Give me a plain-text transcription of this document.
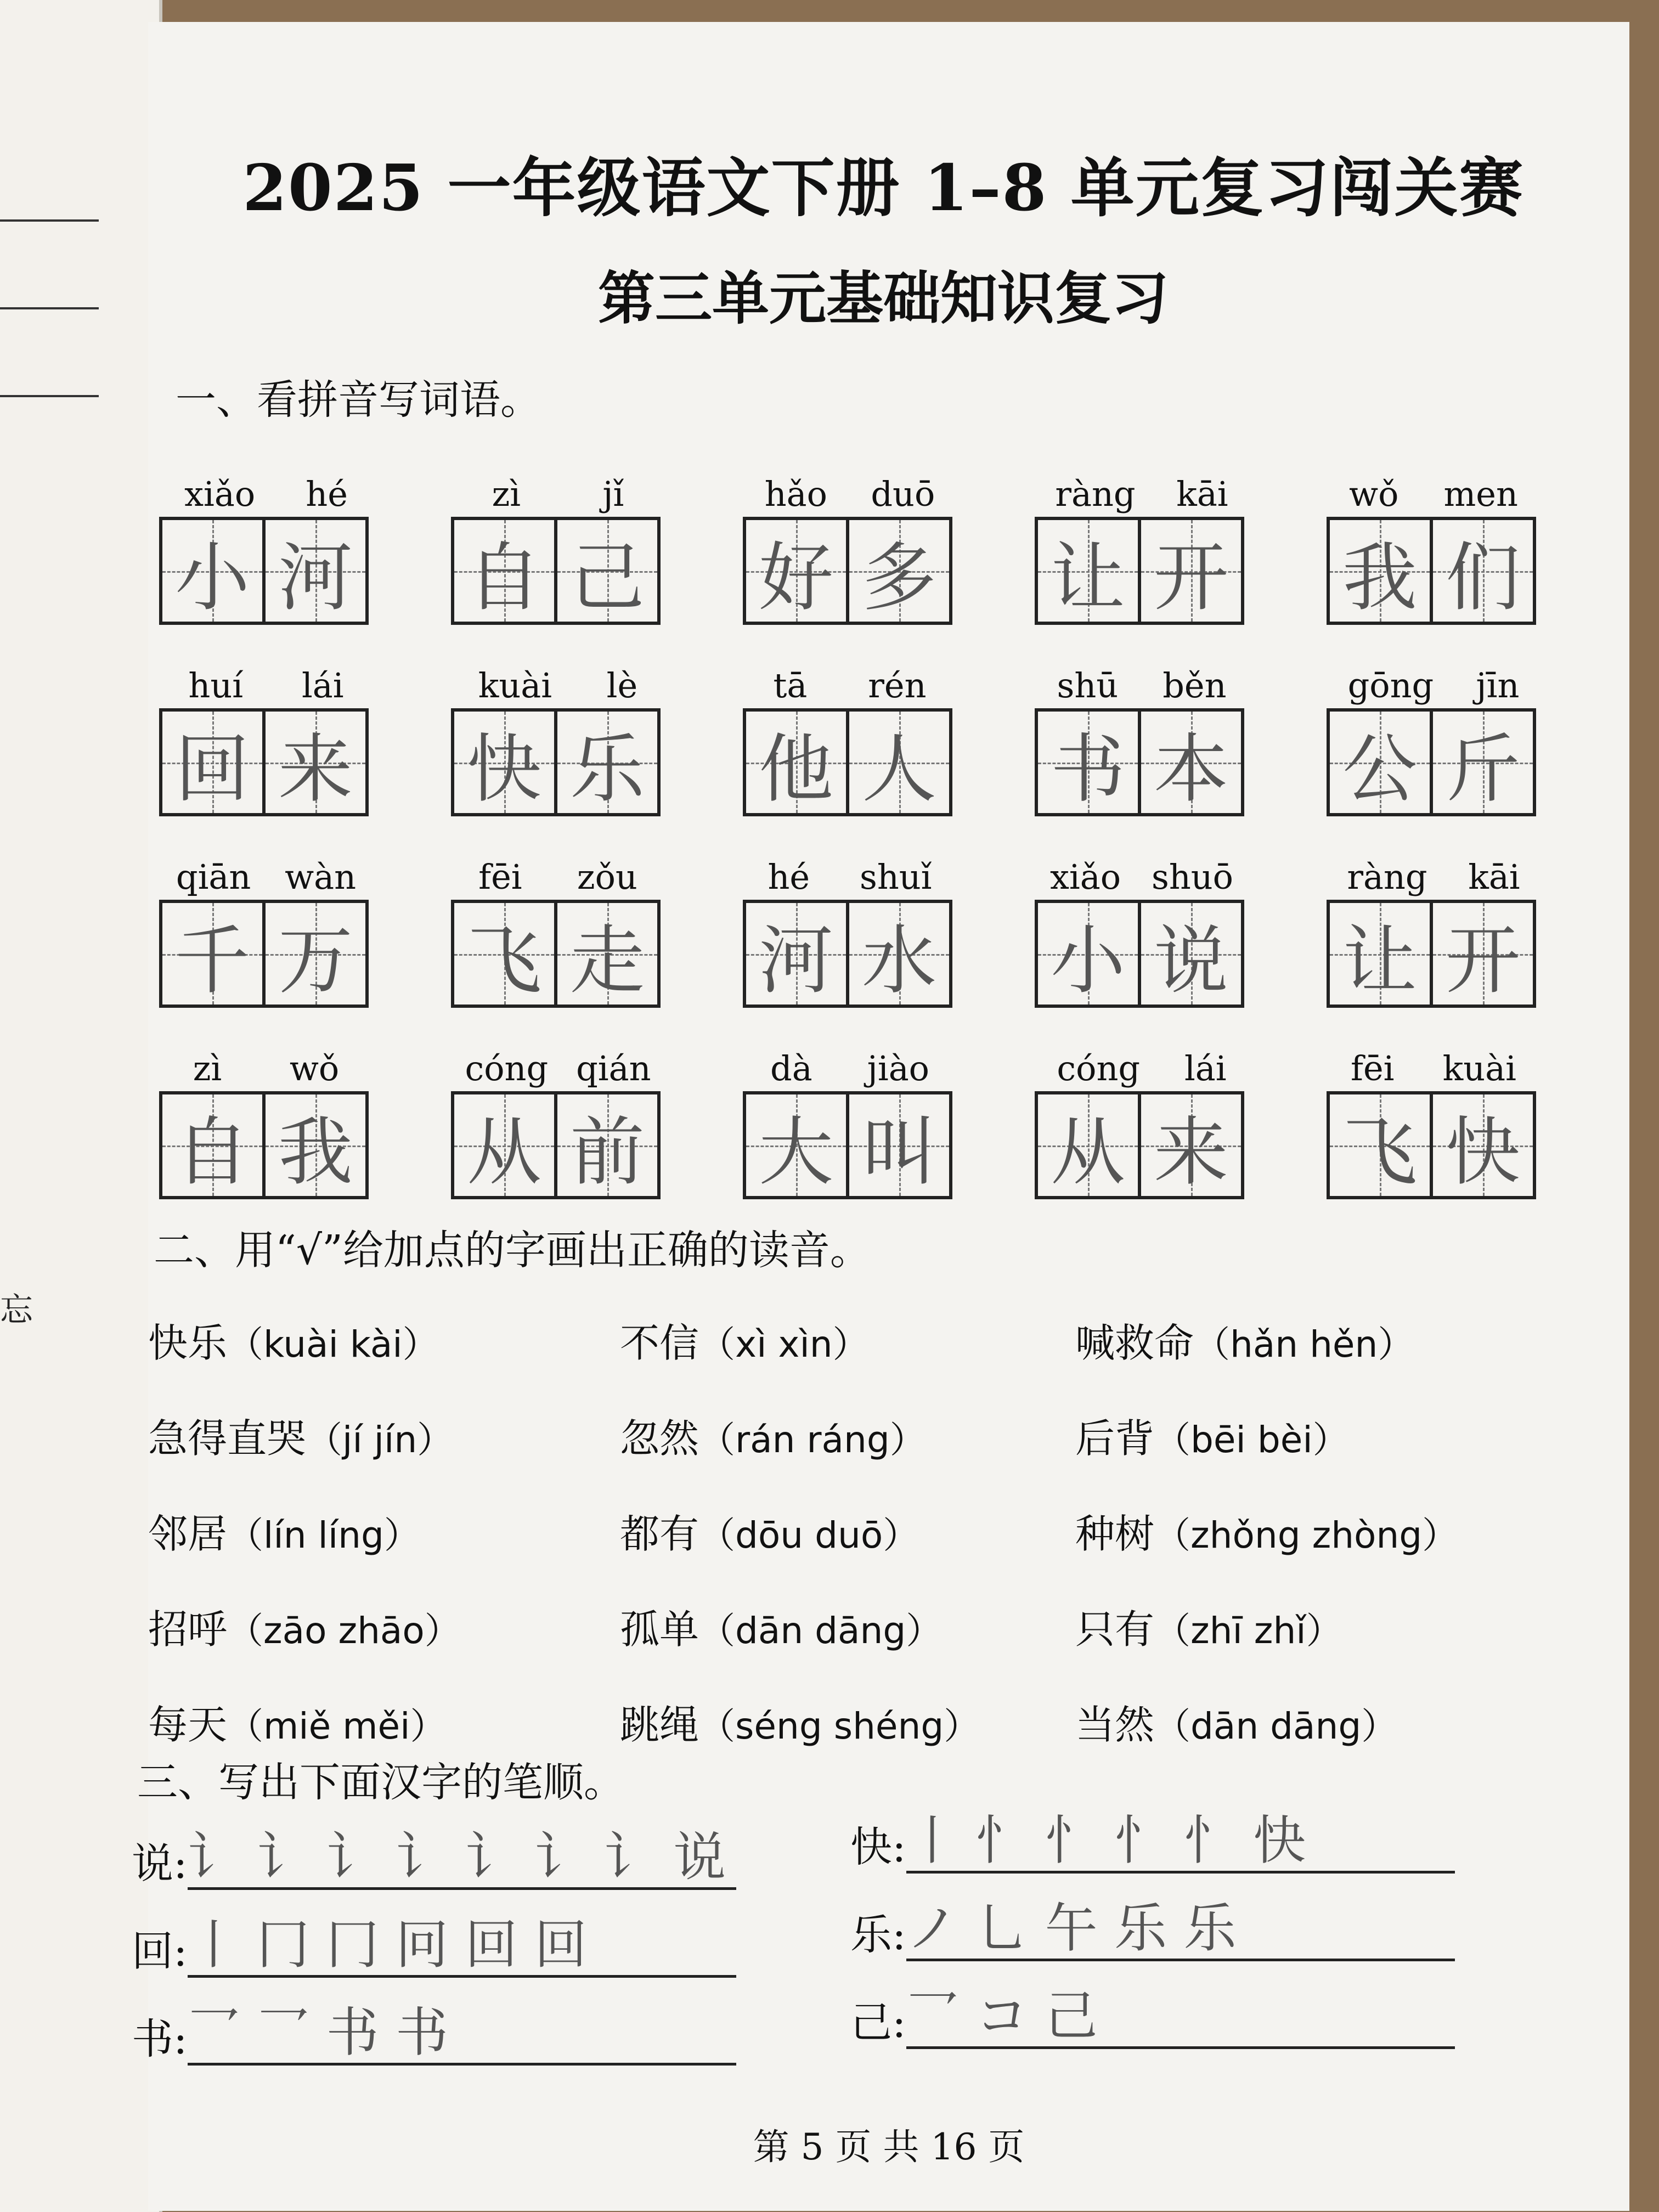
忘
2025 一年级语文下册 1–8 单元复习闯关赛
第三单元基础知识复习
一、看拼音写词语。
xiǎo hé
小 河
zì jǐ
自 己
hǎo duō
好 多
ràng kāi
让 开
wǒ men
我 们
huí lái
回 来
kuài lè
快 乐
tā rén
他 人
shū běn
书 本
gōng jīn
公 斤
qiān wàn
千 万
fēi zǒu
飞 走
hé shuǐ
河 水
xiǎo shuō
小 说
ràng kāi
让 开
zì wǒ
自 我
cóng qián
从 前
dà jiào
大 叫
cóng lái
从 来
fēi kuài
飞 快
二、用“√”给加点的字画出正确的读音。
快乐（kuài kài）	不信（xì xìn）	喊救命（hǎn hěn）
急得直哭（jí jín）	忽然（rán ráng）	后背（bēi bèi）
邻居（lín líng）	都有（dōu duō）	种树（zhǒng zhòng）
招呼（zāo zhāo）	孤单（dān dāng）	只有（zhī zhǐ）
每天（miě měi）	跳绳（séng shéng）	当然（dān dāng）
三、写出下面汉字的笔顺。
说: 讠 讠 讠 讠 讠 讠 讠 说	快: 丨 忄 忄 忄 忄 快
回: 丨 冂 冂 冋 回 回	乐: ノ 乚 午 乐 乐
书: 乛 乛 书 书	己: 乛 コ 己
第 5 页 共 16 页
